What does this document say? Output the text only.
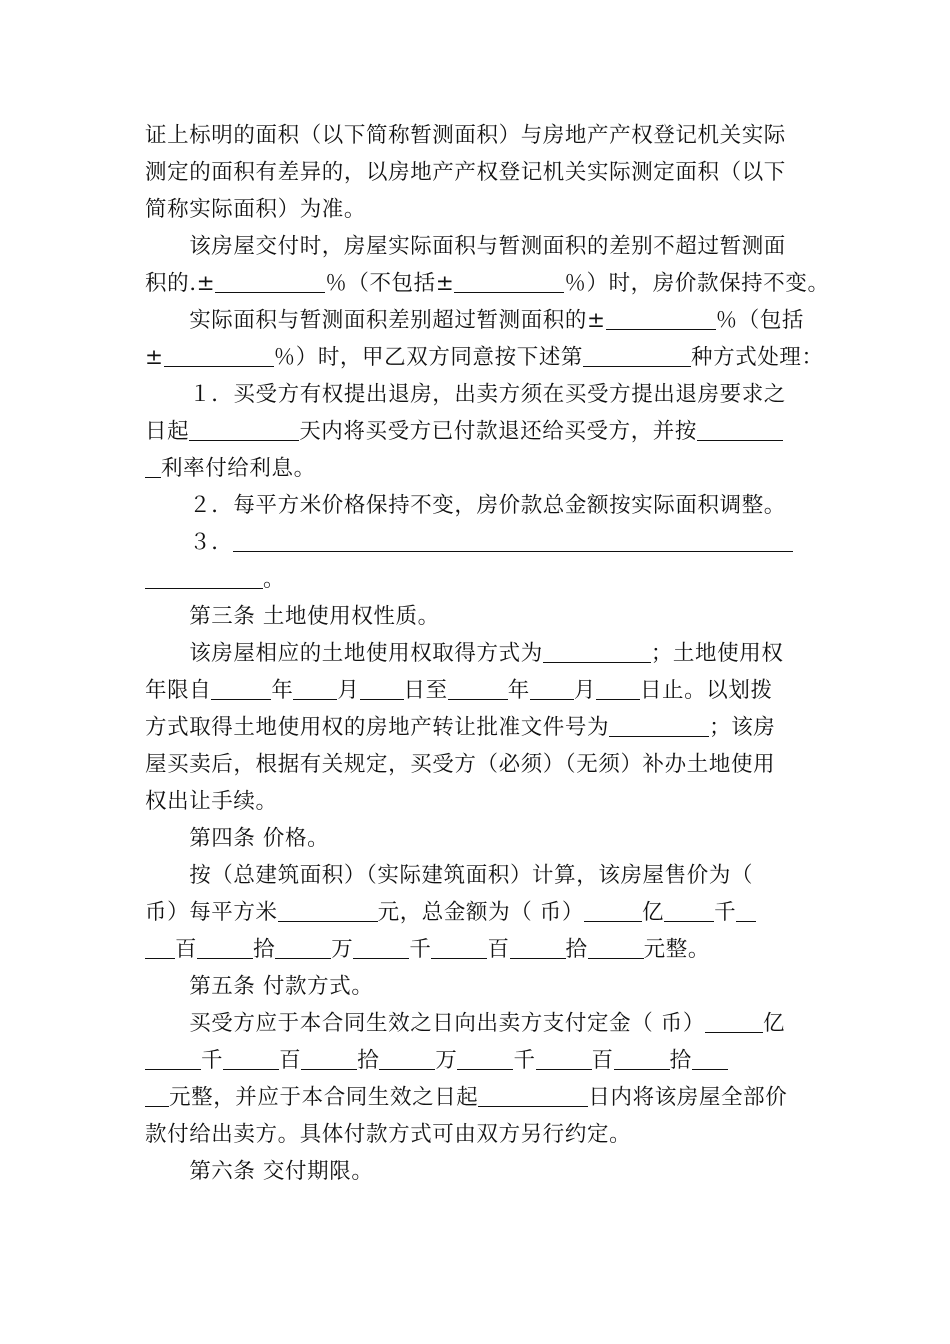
证上标明的面积（以下简称暂测面积）与房地产产权登记机关实际
测定的面积有差异的，以房地产产权登记机关实际测定面积（以下
简称实际面积）为准。
　　该房屋交付时，房屋实际面积与暂测面积的差别不超过暂测面
积的.±	％（不包括±	％）时，房价款保持不变。
　　实际面积与暂测面积差别超过暂测面积的±	％（包括
±	％）时，甲乙双方同意按下述第	种方式处理：
　　１．买受方有权提出退房，出卖方须在买受方提出退房要求之
日起	天内将买受方已付款退还给买受方，并按
利率付给利息。
　　２．每平方米价格保持不变，房价款总金额按实际面积调整。
　　３．
。
　　第三条 土地使用权性质。
　　该房屋相应的土地使用权取得方式为	；土地使用权
年限自	年 月 日至	年 月 日止。以划拨
方式取得土地使用权的房地产转让批准文件号为	；该房
屋买卖后，根据有关规定，买受方（必须）（无须）补办土地使用
权出让手续。
　　第四条 价格。
　　按（总建筑面积）（实际建筑面积）计算，该房屋售价为（
币）每平方米	元，总金额为（ 币）	亿 千
百	拾	万	千	百	拾	元整。
　　第五条 付款方式。
　　买受方应于本合同生效之日向出卖方支付定金（ 币）	亿
千	百	拾	万	千	百	拾
元整，并应于本合同生效之日起	日内将该房屋全部价
款付给出卖方。具体付款方式可由双方另行约定。
　　第六条 交付期限。
